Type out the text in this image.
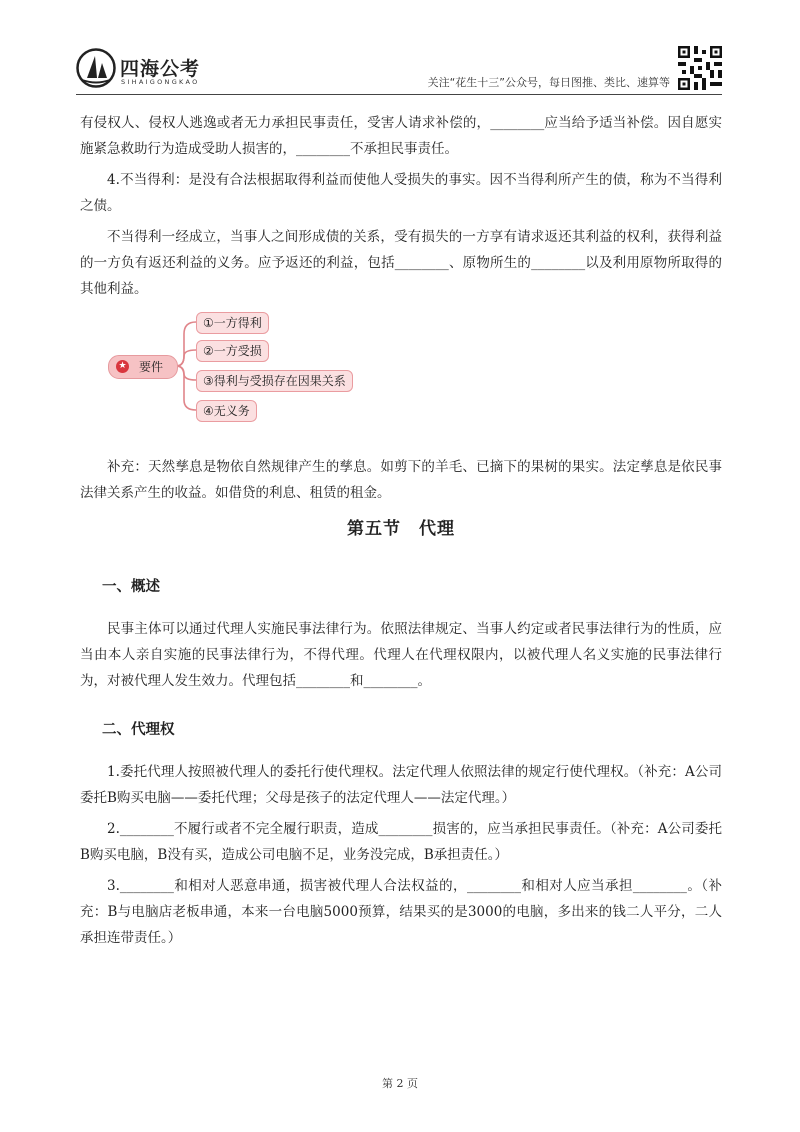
四海公考
SIHAIGONGKAO	关注“花生十三”公众号，每日图推、类比、速算等

有侵权人、侵权人逃逸或者无力承担民事责任，受害人请求补偿的，________应当给予适当补偿。因自愿实施紧急救助行为造成受助人损害的，________不承担民事责任。

4.不当得利：是没有合法根据取得利益而使他人受损失的事实。因不当得利所产生的债，称为不当得利之债。

不当得利一经成立，当事人之间形成债的关系，受有损失的一方享有请求返还其利益的权利，获得利益的一方负有返还利益的义务。应予返还的利益，包括________、原物所生的________以及利用原物所取得的其他利益。

★ 要件
①一方得利
②一方受损
③得利与受损存在因果关系
④无义务

补充：天然孳息是物依自然规律产生的孳息。如剪下的羊毛、已摘下的果树的果实。法定孳息是依民事法律关系产生的收益。如借贷的利息、租赁的租金。

第五节　代理
一、概述

民事主体可以通过代理人实施民事法律行为。依照法律规定、当事人约定或者民事法律行为的性质，应当由本人亲自实施的民事法律行为，不得代理。代理人在代理权限内，以被代理人名义实施的民事法律行为，对被代理人发生效力。代理包括________和________。

二、代理权

1.委托代理人按照被代理人的委托行使代理权。法定代理人依照法律的规定行使代理权。（补充：A公司委托B购买电脑——委托代理；父母是孩子的法定代理人——法定代理。）

2.________不履行或者不完全履行职责，造成________损害的，应当承担民事责任。（补充：A公司委托B购买电脑，B没有买，造成公司电脑不足，业务没完成，B承担责任。）

3.________和相对人恶意串通，损害被代理人合法权益的，________和相对人应当承担________。（补充：B与电脑店老板串通，本来一台电脑5000预算，结果买的是3000的电脑，多出来的钱二人平分，二人承担连带责任。）

第 2 页
